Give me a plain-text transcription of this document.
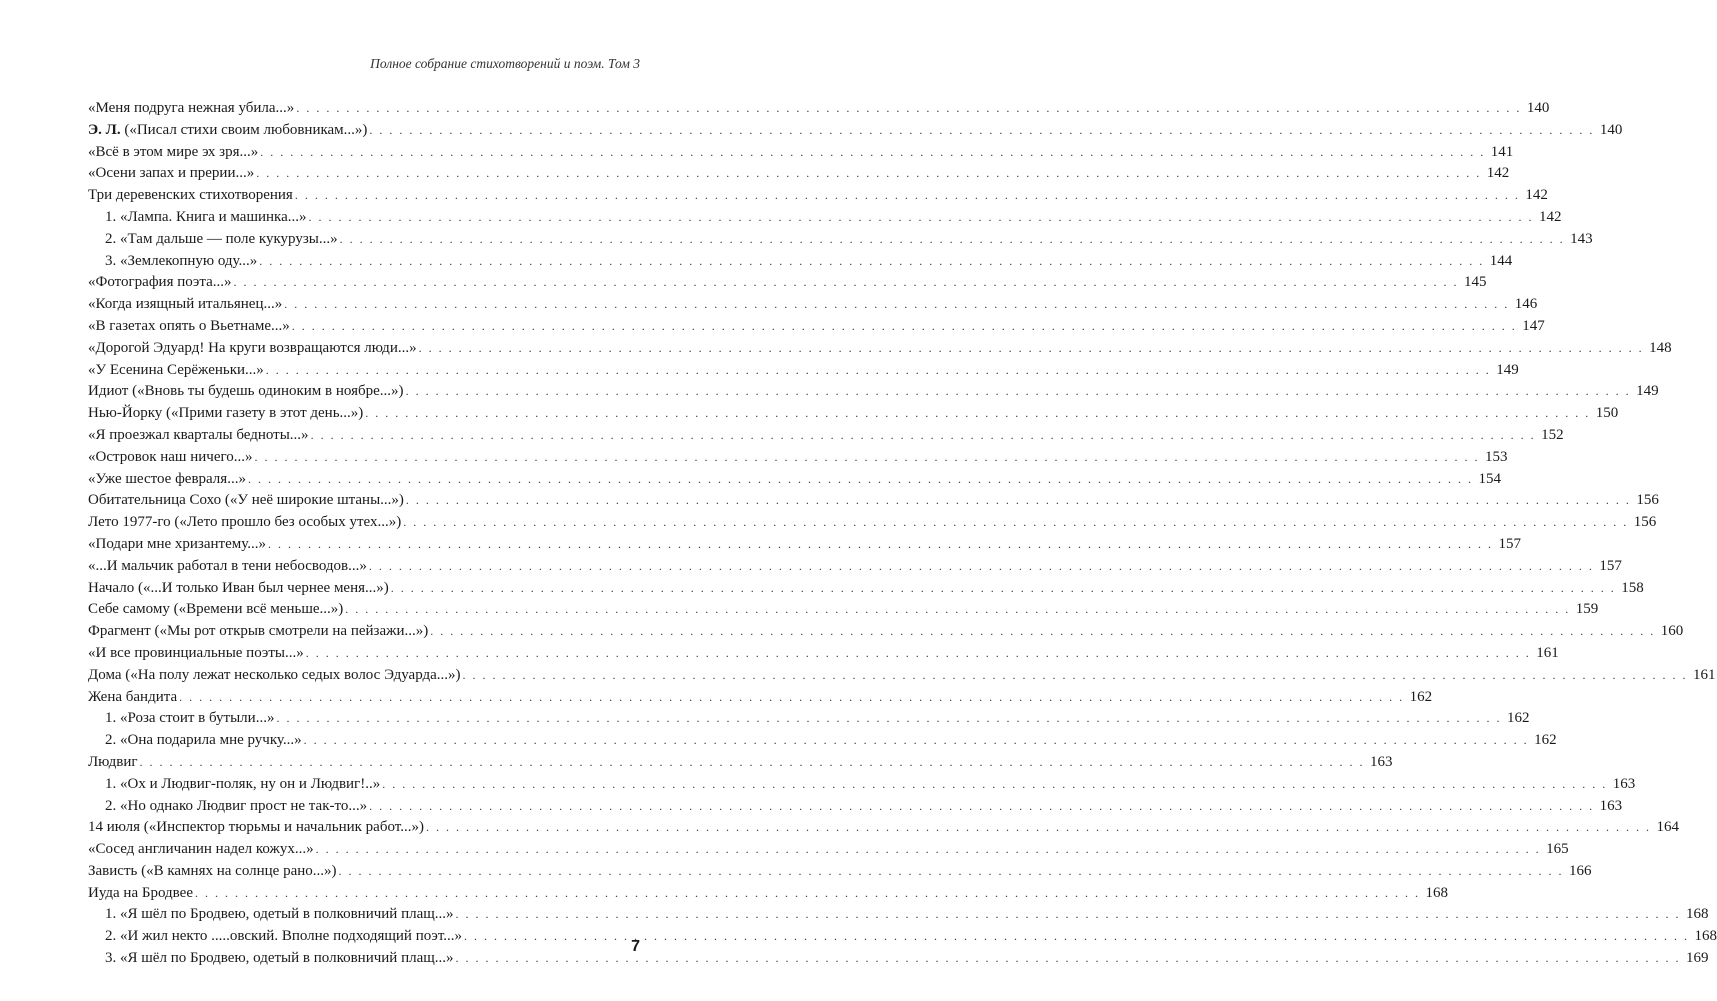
Полное собрание стихотворений и поэм. Том 3
«Меня подруга нежная убила...» . . .	140
Э. Л. («Писал стихи своим любовникам...») . . .	140
«Всё в этом мире эх зря...» . . .	141
«Осени запах и прерии...» . . .	142
Три деревенских стихотворения . . .	142
1. «Лампа. Книга и машинка...» . . .	142
2. «Там дальше — поле кукурузы...» . . .	143
3. «Землекопную оду...» . . .	144
«Фотография поэта...» . . .	145
«Когда изящный итальянец...» . . .	146
«В газетах опять о Вьетнаме...» . . .	147
«Дорогой Эдуард! На круги возвращаются люди...» . . .	148
«У Есенина Серёженьки...» . . .	149
Идиот («Вновь ты будешь одиноким в ноябре...») . . .	149
Нью-Йорку («Прими газету в этот день...») . . .	150
«Я проезжал кварталы бедноты...» . . .	152
«Островок наш ничего...» . . .	153
«Уже шестое февраля...» . . .	154
Обитательница Сохо («У неё широкие штаны...») . . .	156
Лето 1977-го («Лето прошло без особых утех...») . . .	156
«Подари мне хризантему...» . . .	157
«...И мальчик работал в тени небосводов...» . . .	157
Начало («...И только Иван был чернее меня...») . . .	158
Себе самому («Времени всё меньше...») . . .	159
Фрагмент («Мы рот открыв смотрели на пейзажи...») . . .	160
«И все провинциальные поэты...» . . .	161
Дома («На полу лежат несколько седых волос Эдуарда...») . . .	161
Жена бандита . . .	162
1. «Роза стоит в бутыли...» . . .	162
2. «Она подарила мне ручку...» . . .	162
Людвиг . . .	163
1. «Ох и Людвиг-поляк, ну он и Людвиг!..» . . .	163
2. «Но однако Людвиг прост не так-то...» . . .	163
14 июля («Инспектор тюрьмы и начальник работ...») . . .	164
«Сосед англичанин надел кожух...» . . .	165
Зависть («В камнях на солнце рано...») . . .	166
Иуда на Бродвее . . .	168
1. «Я шёл по Бродвею, одетый в полковничий плащ...» . . .	168
2. «И жил некто .....овский. Вполне подходящий поэт...» . . .	168
3. «Я шёл по Бродвею, одетый в полковничий плащ...» . . .	169
7
